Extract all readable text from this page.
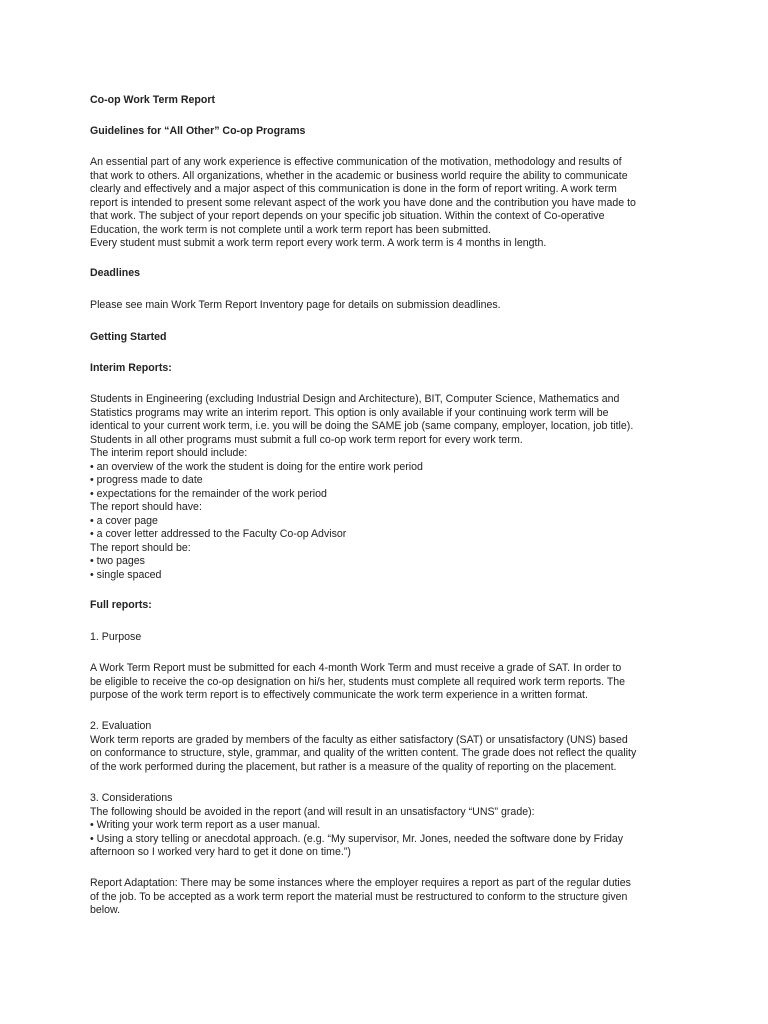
Co-op Work Term Report

Guidelines for “All Other” Co-op Programs

An essential part of any work experience is effective communication of the motivation, methodology and results of

that work to others. All organizations, whether in the academic or business world require the ability to communicate

clearly and effectively and a major aspect of this communication is done in the form of report writing. A work term

report is intended to present some relevant aspect of the work you have done and the contribution you have made to

that work. The subject of your report depends on your specific job situation. Within the context of Co-operative

Education, the work term is not complete until a work term report has been submitted.

Every student must submit a work term report every work term. A work term is 4 months in length.

Deadlines

Please see main Work Term Report Inventory page for details on submission deadlines.

Getting Started

Interim Reports:

Students in Engineering (excluding Industrial Design and Architecture), BIT, Computer Science, Mathematics and

Statistics programs may write an interim report. This option is only available if your continuing work term will be

identical to your current work term, i.e. you will be doing the SAME job (same company, employer, location, job title).

Students in all other programs must submit a full co-op work term report for every work term.

The interim report should include:

• an overview of the work the student is doing for the entire work period

• progress made to date

• expectations for the remainder of the work period

The report should have:

• a cover page

• a cover letter addressed to the Faculty Co-op Advisor

The report should be:

• two pages

• single spaced

Full reports:

1. Purpose

A Work Term Report must be submitted for each 4-month Work Term and must receive a grade of SAT. In order to

be eligible to receive the co-op designation on hi/s her, students must complete all required work term reports. The

purpose of the work term report is to effectively communicate the work term experience in a written format.

2. Evaluation

Work term reports are graded by members of the faculty as either satisfactory (SAT) or unsatisfactory (UNS) based

on conformance to structure, style, grammar, and quality of the written content. The grade does not reflect the quality

of the work performed during the placement, but rather is a measure of the quality of reporting on the placement.

3. Considerations

The following should be avoided in the report (and will result in an unsatisfactory “UNS” grade):

• Writing your work term report as a user manual.

• Using a story telling or anecdotal approach. (e.g. “My supervisor, Mr. Jones, needed the software done by Friday

afternoon so I worked very hard to get it done on time.”)

Report Adaptation: There may be some instances where the employer requires a report as part of the regular duties

of the job. To be accepted as a work term report the material must be restructured to conform to the structure given

below.
